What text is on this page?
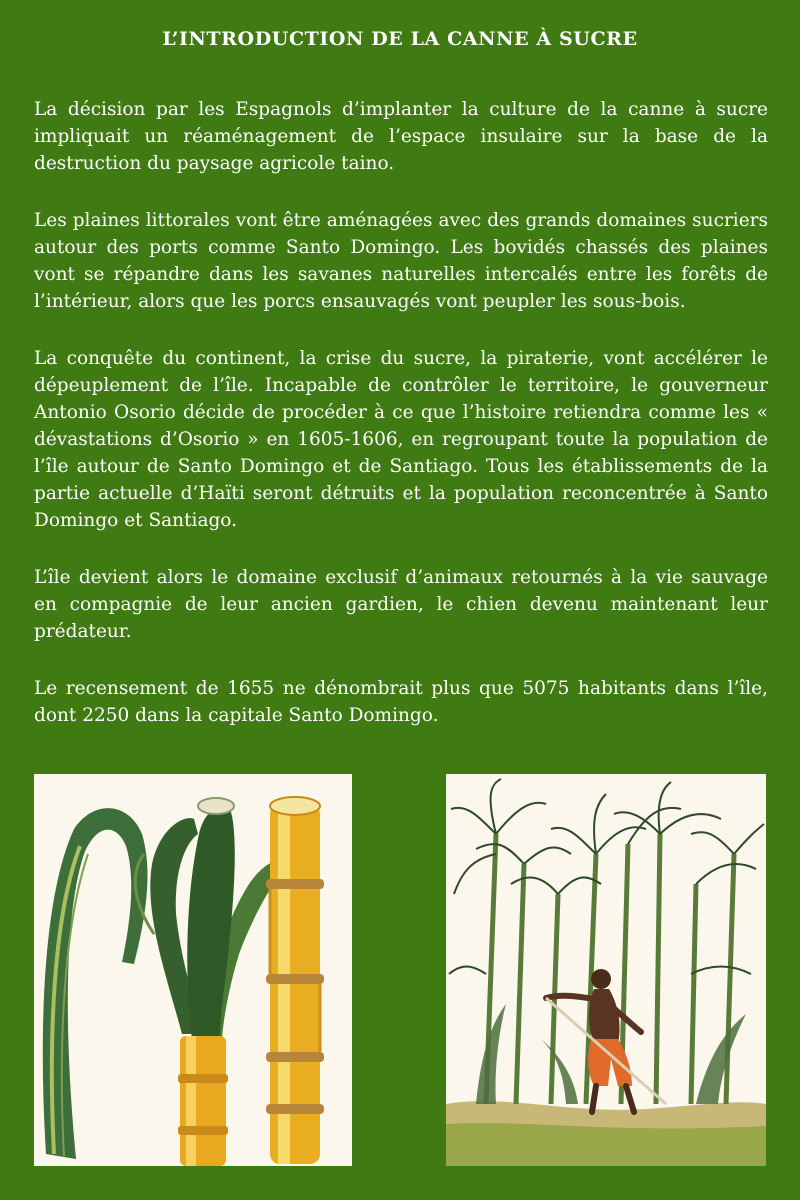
L’INTRODUCTION DE LA CANNE À SUCRE

La décision par les Espagnols d’implanter la culture de la canne à sucre impliquait un réaménagement de l’espace insulaire sur la base de la destruction du paysage agricole taino.

Les plaines littorales vont être aménagées avec des grands domaines sucriers autour des ports comme Santo Domingo. Les bovidés chassés des plaines vont se répandre dans les savanes naturelles intercalés entre les forêts de l’intérieur, alors que les porcs ensauvagés vont peupler les sous-bois.

La conquête du continent, la crise du sucre, la piraterie, vont accélérer le dépeuplement de l’île. Incapable de contrôler le territoire, le gouverneur Antonio Osorio décide de procéder à ce que l’histoire retiendra comme les « dévastations d’Osorio » en 1605-1606, en regroupant toute la population de l’île autour de Santo Domingo et de Santiago. Tous les établissements de la partie actuelle d’Haïti seront détruits et la population reconcentrée à Santo Domingo et Santiago.

L’île devient alors le domaine exclusif d’animaux retournés à la vie sauvage en compagnie de leur ancien gardien, le chien devenu maintenant leur prédateur.

Le recensement de 1655 ne dénombrait plus que 5075 habitants dans l’île, dont 2250 dans la capitale Santo Domingo.
